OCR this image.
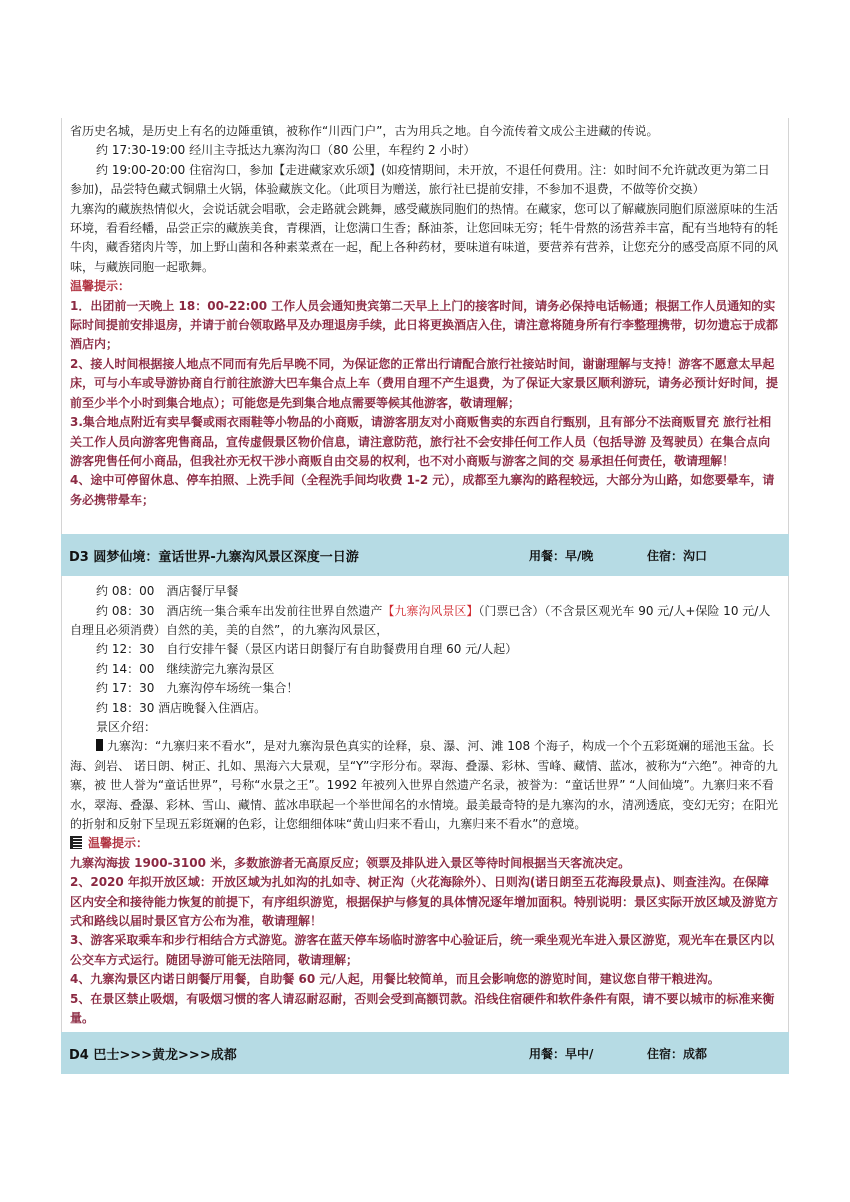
省历史名城，是历史上有名的边陲重镇，被称作“川西门户”，古为用兵之地。自今流传着文成公主进藏的传说。

约 17:30-19:00 经川主寺抵达九寨沟沟口（80 公里，车程约 2 小时）

约 19:00-20:00 住宿沟口，参加【走进藏家欢乐颂】(如疫情期间，未开放，不退任何费用。注：如时间不允许就改更为第二日参加)，品尝特色藏式铜鼎土火锅，体验藏族文化。（此项目为赠送，旅行社已提前安排，不参加不退费，不做等价交换）

九寨沟的藏族热情似火，会说话就会唱歌，会走路就会跳舞，感受藏族同胞们的热情。在藏家，您可以了解藏族同胞们原滋原味的生活环境，看看经幡，品尝正宗的藏族美食，青稞酒，让您满口生香；酥油茶，让您回味无穷；牦牛骨熬的汤营养丰富，配有当地特有的牦牛肉，藏香猪肉片等，加上野山菌和各种素菜煮在一起，配上各种药材，要味道有味道，要营养有营养，让您充分的感受高原不同的风味，与藏族同胞一起歌舞。

温馨提示：

1．出团前一天晚上 18：00-22:00 工作人员会通知贵宾第二天早上上门的接客时间，请务必保持电话畅通；根据工作人员通知的实际时间提前安排退房，并请于前台领取路早及办理退房手续，此日将更换酒店入住，请注意将随身所有行李整理携带，切勿遗忘于成都酒店内；

2、接人时间根据接人地点不同而有先后早晚不同，为保证您的正常出行请配合旅行社接站时间，谢谢理解与支持！游客不愿意太早起床，可与小车或导游协商自行前往旅游大巴车集合点上车（费用自理不产生退费，为了保证大家景区顺利游玩，请务必预计好时间，提前至少半个小时到集合地点）；可能您是先到集合地点需要等候其他游客，敬请理解；

3.集合地点附近有卖早餐或雨衣雨鞋等小物品的小商贩，请游客朋友对小商贩售卖的东西自行甄别，且有部分不法商贩冒充 旅行社相关工作人员向游客兜售商品，宣传虚假景区物价信息，请注意防范，旅行社不会安排任何工作人员（包括导游 及驾驶员）在集合点向游客兜售任何小商品，但我社亦无权干涉小商贩自由交易的权利，也不对小商贩与游客之间的交 易承担任何责任，敬请理解！

4、途中可停留休息、停车拍照、上洗手间（全程洗手间均收费 1-2 元），成都至九寨沟的路程较远，大部分为山路，如您要晕车，请务必携带晕车；

D3 圆梦仙境：童话世界-九寨沟风景区深度一日游	用餐：早/晚	住宿：沟口

约 08：00　酒店餐厅早餐

约 08：30　酒店统一集合乘车出发前往世界自然遗产【九寨沟风景区】（门票已含）（不含景区观光车 90 元/人+保险 10 元/人自理且必须消费）自然的美，美的自然”，的九寨沟风景区，

约 12：30　自行安排午餐（景区内诺日朗餐厅有自助餐费用自理 60 元/人起）

约 14：00　继续游完九寨沟景区

约 17：30　九寨沟停车场统一集合！

约 18：30 酒店晚餐入住酒店。

景区介绍：

九寨沟：“九寨归来不看水”，是对九寨沟景色真实的诠释，泉、瀑、河、滩 108 个海子，构成一个个五彩斑斓的瑶池玉盆。长海、剑岩、 诺日朗、树正、扎如、黑海六大景观，呈“Y”字形分布。翠海、叠瀑、彩林、雪峰、藏情、蓝冰，被称为“六绝”。神奇的九寨，被 世人誉为“童话世界”，号称“水景之王”。1992 年被列入世界自然遗产名录，被誉为：“童话世界” “人间仙境”。九寨归来不看水，翠海、叠瀑、彩林、雪山、藏情、蓝冰串联起一个举世闻名的水情境。最美最奇特的是九寨沟的水，清冽透底，变幻无穷；在阳光的折射和反射下呈现五彩斑斓的色彩，让您细细体味“黄山归来不看山，九寨归来不看水”的意境。

温馨提示：

九寨沟海拔 1900-3100 米，多数旅游者无高原反应；领票及排队进入景区等待时间根据当天客流决定。

2、2020 年拟开放区域：开放区域为扎如沟的扎如寺、树正沟（火花海除外）、日则沟(诺日朗至五花海段景点)、则查洼沟。在保障区内安全和接待能力恢复的前提下，有序组织游览，根据保护与修复的具体情况逐年增加面积。特别说明：景区实际开放区域及游览方式和路线以届时景区官方公布为准，敬请理解！

3、游客采取乘车和步行相结合方式游览。游客在蓝天停车场临时游客中心验证后，统一乘坐观光车进入景区游览，观光车在景区内以公交车方式运行。随团导游可能无法陪同，敬请理解；

4、九寨沟景区内诺日朗餐厅用餐，自助餐 60 元/人起，用餐比较简单，而且会影响您的游览时间，建议您自带干粮进沟。

5、在景区禁止吸烟，有吸烟习惯的客人请忍耐忍耐，否则会受到高额罚款。沿线住宿硬件和软件条件有限，请不要以城市的标准来衡量。

D4 巴士>>>黄龙>>>成都	用餐：早中/	住宿：成都
